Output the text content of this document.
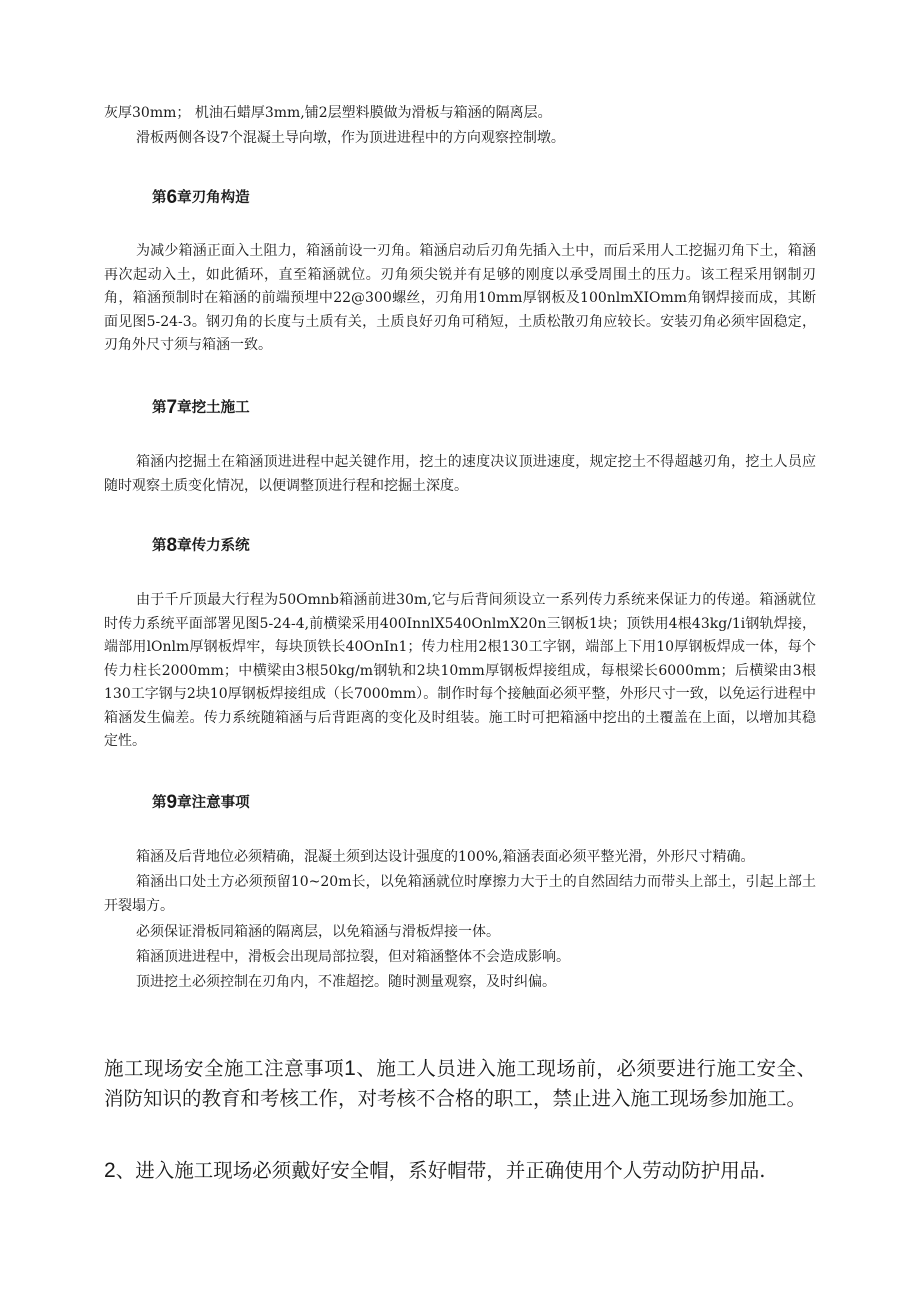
灰厚30mm； 机油石蜡厚3mm,铺2层塑料膜做为滑板与箱涵的隔离层。

滑板两侧各设7个混凝土导向墩，作为顶进进程中的方向观察控制墩。

第6章刃角构造

为减少箱涵正面入土阻力，箱涵前设一刃角。箱涵启动后刃角先插入土中，而后采用人工挖掘刃角下土，箱涵再次起动入土，如此循环，直至箱涵就位。刃角须尖锐并有足够的刚度以承受周围土的压力。该工程采用钢制刃角，箱涵预制时在箱涵的前端预埋中22@300螺丝，刃角用10mm厚钢板及100nlmXIOmm角钢焊接而成，其断面见图5-24-3。钢刃角的长度与土质有关，土质良好刃角可稍短，土质松散刃角应较长。安装刃角必须牢固稳定，刃角外尺寸须与箱涵一致。

第7章挖土施工

箱涵内挖掘土在箱涵顶进进程中起关键作用，挖土的速度决议顶进速度，规定挖土不得超越刃角，挖土人员应随时观察土质变化情况，以便调整顶进行程和挖掘土深度。

第8章传力系统

由于千斤顶最大行程为50Omnb箱涵前进30m,它与后背间须设立一系列传力系统来保证力的传递。箱涵就位时传力系统平面部署见图5-24-4,前横梁采用400InnlX540OnlmX20n三钢板1块；顶铁用4根43kg∕1i钢轨焊接，端部用lOnlm厚钢板焊牢，每块顶铁长40OnIn1；传力柱用2根130工字钢，端部上下用10厚钢板焊成一体，每个传力柱长2000mm；中横梁由3根50kg∕m钢轨和2块10mm厚钢板焊接组成，每根梁长6000mm；后横梁由3根130工字钢与2块10厚钢板焊接组成（长7000mm）。制作时每个接触面必须平整，外形尺寸一致，以免运行进程中箱涵发生偏差。传力系统随箱涵与后背距离的变化及时组装。施工时可把箱涵中挖出的土覆盖在上面，以增加其稳定性。

第9章注意事项

箱涵及后背地位必须精确，混凝土须到达设计强度的100%,箱涵表面必须平整光滑，外形尺寸精确。

箱涵出口处土方必须预留10~20m长，以免箱涵就位时摩擦力大于土的自然固结力而带头上部土，引起上部土开裂塌方。

必须保证滑板同箱涵的隔离层，以免箱涵与滑板焊接一体。

箱涵顶进进程中，滑板会出现局部拉裂，但对箱涵整体不会造成影响。

顶进挖土必须控制在刃角内，不准超挖。随时测量观察，及时纠偏。

施工现场安全施工注意事项1、施工人员进入施工现场前，必须要进行施工安全、消防知识的教育和考核工作，对考核不合格的职工，禁止进入施工现场参加施工。

2、进入施工现场必须戴好安全帽，系好帽带，并正确使用个人劳动防护用品.
